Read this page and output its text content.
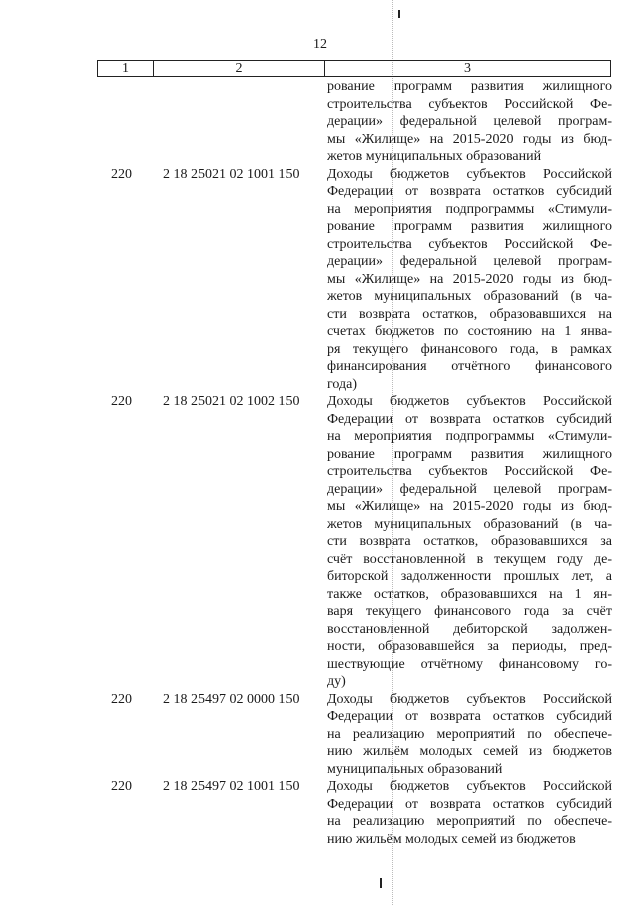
12
1	2	3
рование программ развития жилищного
строительства субъектов Российской Фе-
дерации» федеральной целевой програм-
мы «Жилище» на 2015-2020 годы из бюд-
жетов муниципальных образований
220	2 18 25021 02 1001 150	Доходы бюджетов субъектов Российской
Федерации от возврата остатков субсидий
на мероприятия подпрограммы «Стимули-
рование программ развития жилищного
строительства субъектов Российской Фе-
дерации» федеральной целевой програм-
мы «Жилище» на 2015-2020 годы из бюд-
жетов муниципальных образований (в ча-
сти возврата остатков, образовавшихся на
счетах бюджетов по состоянию на 1 янва-
ря текущего финансового года, в рамках
финансирования отчётного финансового
года)
220	2 18 25021 02 1002 150	Доходы бюджетов субъектов Российской
Федерации от возврата остатков субсидий
на мероприятия подпрограммы «Стимули-
рование программ развития жилищного
строительства субъектов Российской Фе-
дерации» федеральной целевой програм-
мы «Жилище» на 2015-2020 годы из бюд-
жетов муниципальных образований (в ча-
сти возврата остатков, образовавшихся за
счёт восстановленной в текущем году де-
биторской задолженности прошлых лет, а
также остатков, образовавшихся на 1 ян-
варя текущего финансового года за счёт
восстановленной дебиторской задолжен-
ности, образовавшейся за периоды, пред-
шествующие отчётному финансовому го-
ду)
220	2 18 25497 02 0000 150	Доходы бюджетов субъектов Российской
Федерации от возврата остатков субсидий
на реализацию мероприятий по обеспече-
нию жильём молодых семей из бюджетов
муниципальных образований
220	2 18 25497 02 1001 150	Доходы бюджетов субъектов Российской
Федерации от возврата остатков субсидий
на реализацию мероприятий по обеспече-
нию жильём молодых семей из бюджетов
